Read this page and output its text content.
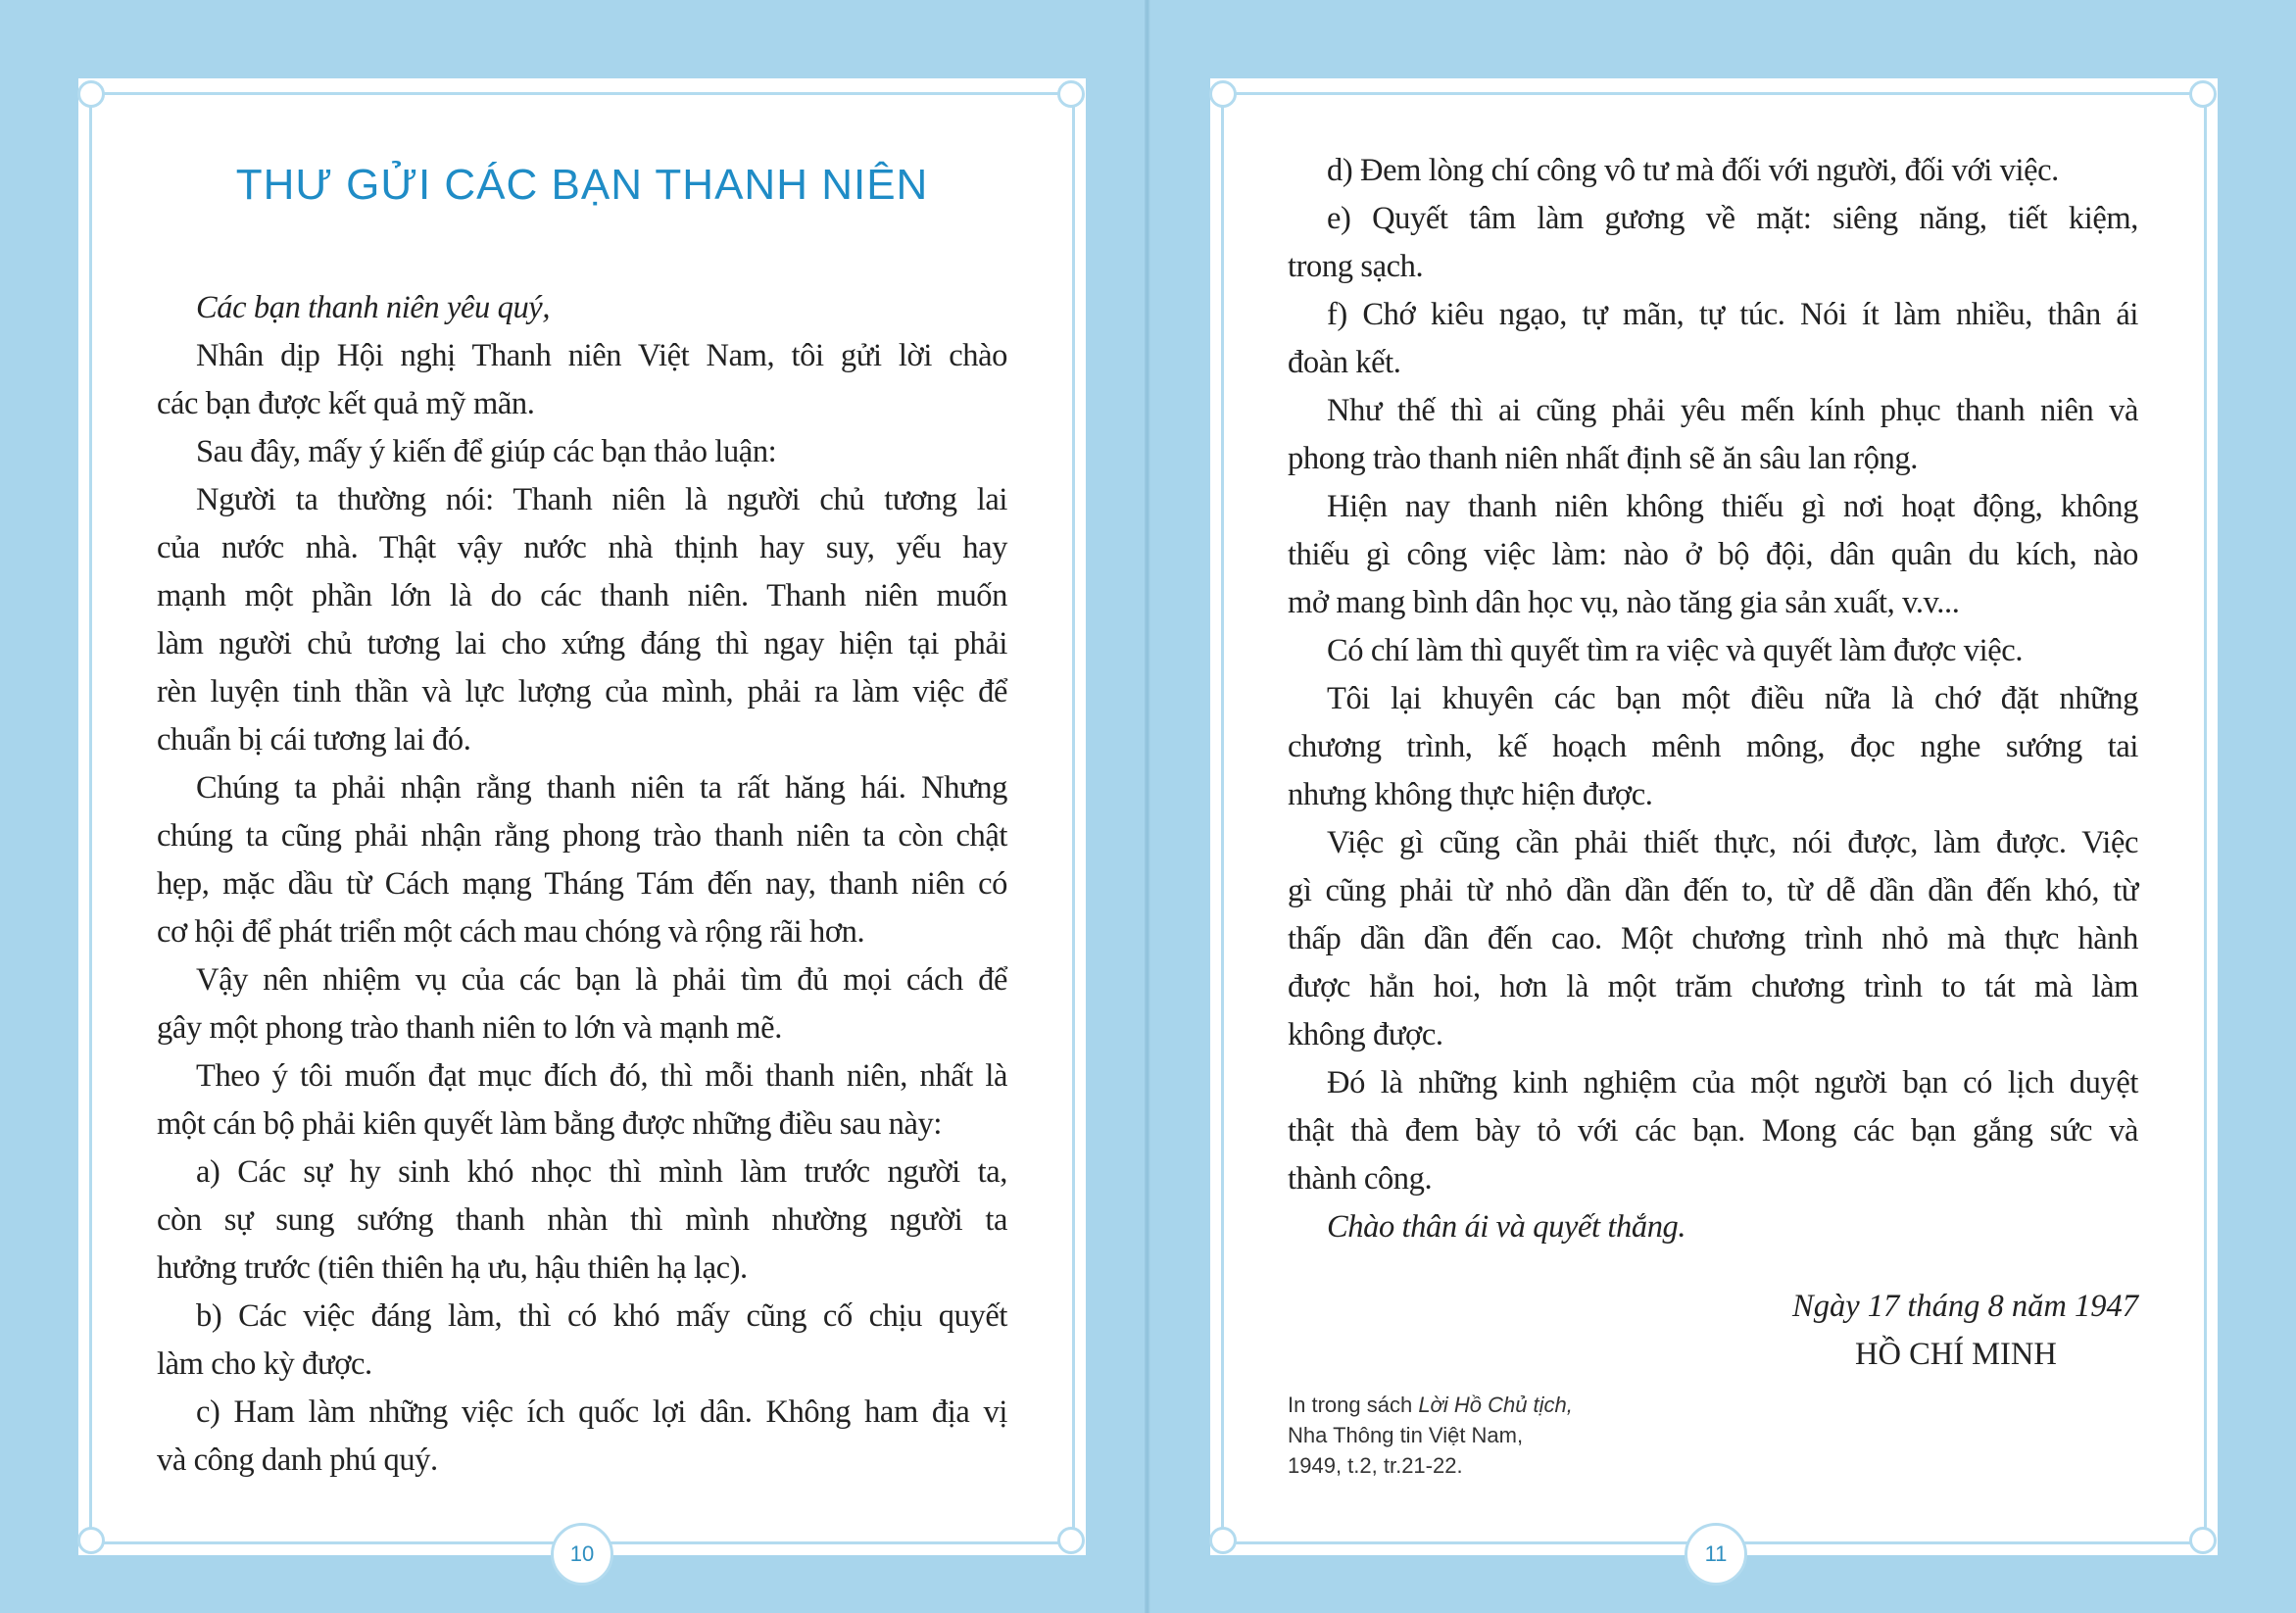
THƯ GỬI CÁC BẠN THANH NIÊN
Các bạn thanh niên yêu quý,
Nhân dịp Hội nghị Thanh niên Việt Nam, tôi gửi lời chào
các bạn được kết quả mỹ mãn.
Sau đây, mấy ý kiến để giúp các bạn thảo luận:
Người ta thường nói: Thanh niên là người chủ tương lai
của nước nhà. Thật vậy nước nhà thịnh hay suy, yếu hay
mạnh một phần lớn là do các thanh niên. Thanh niên muốn
làm người chủ tương lai cho xứng đáng thì ngay hiện tại phải
rèn luyện tinh thần và lực lượng của mình, phải ra làm việc để
chuẩn bị cái tương lai đó.
Chúng ta phải nhận rằng thanh niên ta rất hăng hái. Nhưng
chúng ta cũng phải nhận rằng phong trào thanh niên ta còn chật
hẹp, mặc dầu từ Cách mạng Tháng Tám đến nay, thanh niên có
cơ hội để phát triển một cách mau chóng và rộng rãi hơn.
Vậy nên nhiệm vụ của các bạn là phải tìm đủ mọi cách để
gây một phong trào thanh niên to lớn và mạnh mẽ.
Theo ý tôi muốn đạt mục đích đó, thì mỗi thanh niên, nhất là
một cán bộ phải kiên quyết làm bằng được những điều sau này:
a) Các sự hy sinh khó nhọc thì mình làm trước người ta,
còn sự sung sướng thanh nhàn thì mình nhường người ta
hưởng trước (tiên thiên hạ ưu, hậu thiên hạ lạc).
b) Các việc đáng làm, thì có khó mấy cũng cố chịu quyết
làm cho kỳ được.
c) Ham làm những việc ích quốc lợi dân. Không ham địa vị
và công danh phú quý.
10
d) Đem lòng chí công vô tư mà đối với người, đối với việc.
e) Quyết tâm làm gương về mặt: siêng năng, tiết kiệm,
trong sạch.
f) Chớ kiêu ngạo, tự mãn, tự túc. Nói ít làm nhiều, thân ái
đoàn kết.
Như thế thì ai cũng phải yêu mến kính phục thanh niên và
phong trào thanh niên nhất định sẽ ăn sâu lan rộng.
Hiện nay thanh niên không thiếu gì nơi hoạt động, không
thiếu gì công việc làm: nào ở bộ đội, dân quân du kích, nào
mở mang bình dân học vụ, nào tăng gia sản xuất, v.v...
Có chí làm thì quyết tìm ra việc và quyết làm được việc.
Tôi lại khuyên các bạn một điều nữa là chớ đặt những
chương trình, kế hoạch mênh mông, đọc nghe sướng tai
nhưng không thực hiện được.
Việc gì cũng cần phải thiết thực, nói được, làm được. Việc
gì cũng phải từ nhỏ dần dần đến to, từ dễ dần dần đến khó, từ
thấp dần dần đến cao. Một chương trình nhỏ mà thực hành
được hẳn hoi, hơn là một trăm chương trình to tát mà làm
không được.
Đó là những kinh nghiệm của một người bạn có lịch duyệt
thật thà đem bày tỏ với các bạn. Mong các bạn gắng sức và
thành công.
Chào thân ái và quyết thắng.
11
Ngày 17 tháng 8 năm 1947
HỒ CHÍ MINH
In trong sách Lời Hồ Chủ tịch,
Nha Thông tin Việt Nam,
1949, t.2, tr.21-22.
